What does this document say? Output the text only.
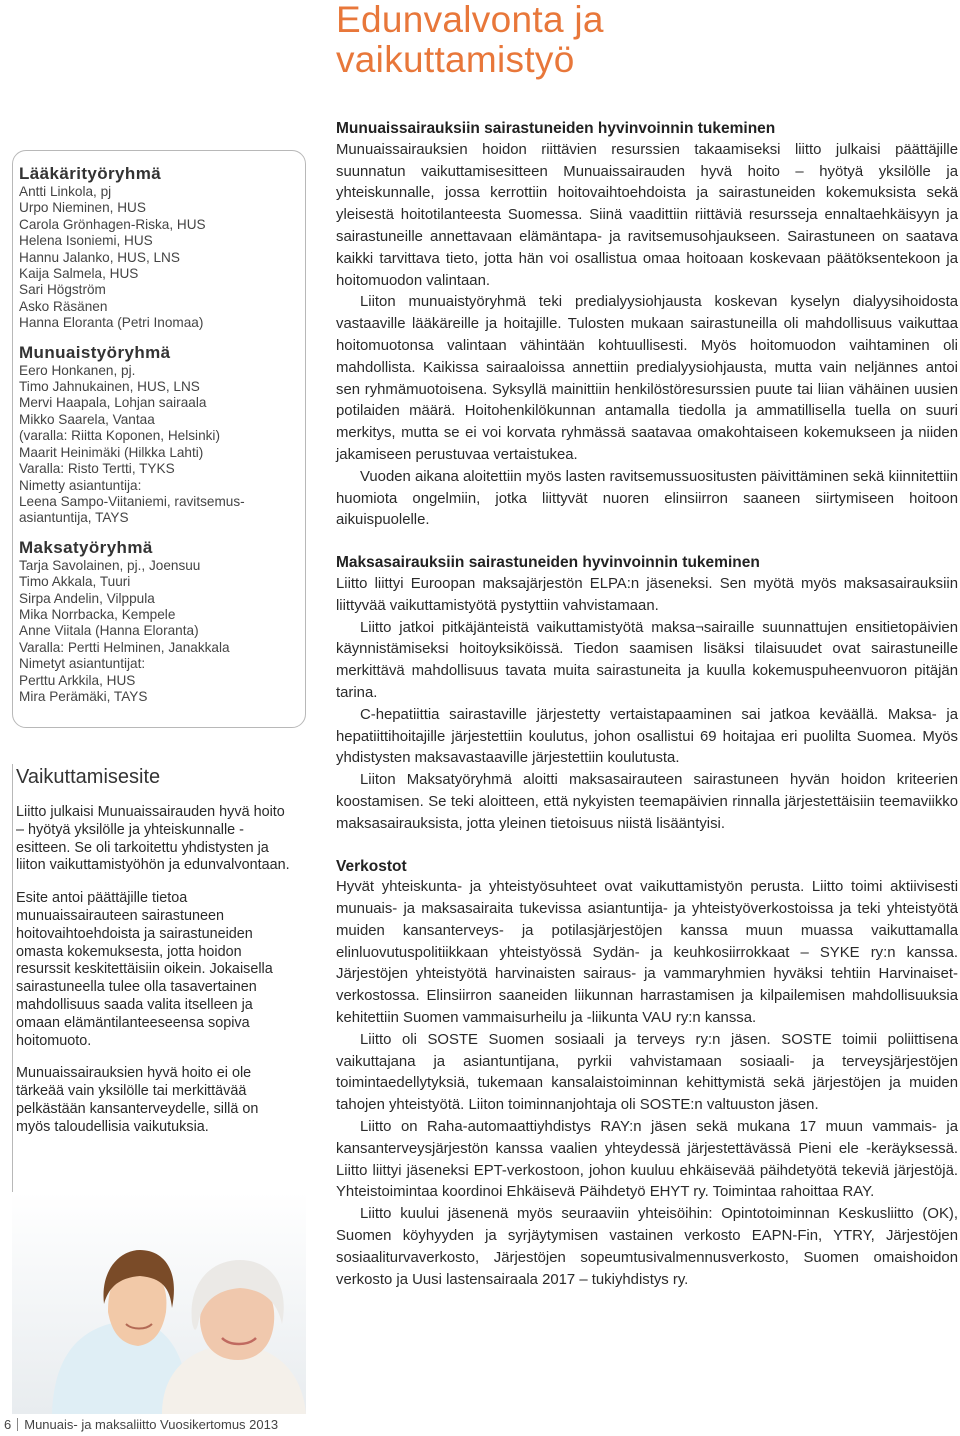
Edunvalvonta ja
vaikuttamistyö
Lääkärityöryhmä
Antti Linkola, pj
Urpo Nieminen, HUS
Carola Grönhagen-Riska, HUS
Helena Isoniemi, HUS
Hannu Jalanko, HUS, LNS
Kaija Salmela, HUS
Sari Högström
Asko Räsänen
Hanna Eloranta (Petri Inomaa)
Munuaistyöryhmä
Eero Honkanen, pj.
Timo Jahnukainen, HUS, LNS
Mervi Haapala, Lohjan sairaala
Mikko Saarela, Vantaa
(varalla: Riitta Koponen, Helsinki)
Maarit Heinimäki (Hilkka Lahti)
Varalla: Risto Tertti, TYKS
Nimetty asiantuntija:
Leena Sampo-Viitaniemi, ravitsemus-
asiantuntija, TAYS
Maksatyöryhmä
Tarja Savolainen, pj., Joensuu
Timo Akkala, Tuuri
Sirpa Andelin, Vilppula
Mika Norrbacka, Kempele
Anne Viitala (Hanna Eloranta)
Varalla: Pertti Helminen, Janakkala
Nimetyt asiantuntijat:
Perttu Arkkila, HUS
Mira Perämäki, TAYS
Vaikuttamisesite

Liitto julkaisi Munuaissairauden hyvä hoito – hyötyä yksilölle ja yhteiskunnalle -esitteen. Se oli tarkoitettu yhdistysten ja liiton vaikuttamistyöhön ja edunvalvontaan.

Esite antoi päättäjille tietoa munuaissairauteen sairastuneen hoitovaihtoehdoista ja sairastuneiden omasta kokemuksesta, jotta hoidon resurssit keskitettäisiin oikein. Jokaisella sairastuneella tulee olla tasavertainen mahdollisuus saada valita itselleen ja omaan elämäntilanteeseensa sopiva hoitomuoto.

Munuaissairauksien hyvä hoito ei ole tärkeää vain yksilölle tai merkittävää pelkästään kansanterveydelle, sillä on myös taloudellisia vaikutuksia.

6 Munuais- ja maksaliitto Vuosikertomus 2013
Munuaissairauksiin sairastuneiden hyvinvoinnin tukeminen

Munuaissairauksien hoidon riittävien resurssien takaamiseksi liitto julkaisi päättäjille suunnatun vaikuttamisesitteen Munuaissairauden hyvä hoito – hyötyä yksilölle ja yhteiskunnalle, jossa kerrottiin hoitovaihtoehdoista ja sairastuneiden kokemuksista sekä yleisestä hoitotilanteesta Suomessa. Siinä vaadittiin riittäviä resursseja ennaltaehkäisyyn ja sairastuneille annettavaan elämäntapa- ja ravitsemusohjaukseen. Sairastuneen on saatava kaikki tarvittava tieto, jotta hän voi osallistua omaa hoitoaan koskevaan päätöksentekoon ja hoitomuodon valintaan.

Liiton munuaistyöryhmä teki predialyysiohjausta koskevan kyselyn dialyysihoidosta vastaaville lääkäreille ja hoitajille. Tulosten mukaan sairastuneilla oli mahdollisuus vaikuttaa hoitomuotonsa valintaan vähintään kohtuullisesti. Myös hoitomuodon vaihtaminen oli mahdollista. Kaikissa sairaaloissa annettiin predialyysiohjausta, mutta vain neljännes antoi sen ryhmämuotoisena. Syksyllä mainittiin henkilöstöresurssien puute tai liian vähäinen uusien potilaiden määrä. Hoitohenkilökunnan antamalla tiedolla ja ammatillisella tuella on suuri merkitys, mutta se ei voi korvata ryhmässä saatavaa omakohtaiseen kokemukseen ja niiden jakamiseen perustuvaa vertaistukea.

Vuoden aikana aloitettiin myös lasten ravitsemussuositusten päivittäminen sekä kiinnitettiin huomiota ongelmiin, jotka liittyvät nuoren elinsiirron saaneen siirtymiseen hoitoon aikuispuolelle.

Maksasairauksiin sairastuneiden hyvinvoinnin tukeminen

Liitto liittyi Euroopan maksajärjestön ELPA:n jäseneksi. Sen myötä myös maksasairauksiin liittyvää vaikuttamistyötä pystyttiin vahvistamaan.

Liitto jatkoi pitkäjänteistä vaikuttamistyötä maksa¬sairaille suunnattujen ensitietopäivien käynnistämiseksi hoitoyksiköissä. Tiedon saamisen lisäksi tilaisuudet ovat sairastuneille merkittävä mahdollisuus tavata muita sairastuneita ja kuulla kokemuspuheenvuoron pitäjän tarina.

C-hepatiittia sairastaville järjestetty vertaistapaaminen sai jatkoa keväällä. Maksa- ja hepatiittihoitajille järjestettiin koulutus, johon osallistui 69 hoitajaa eri puolilta Suomea. Myös yhdistysten maksavastaaville järjestettiin koulutusta.

Liiton Maksatyöryhmä aloitti maksasairauteen sairastuneen hyvän hoidon kriteerien koostamisen. Se teki aloitteen, että nykyisten teemapäivien rinnalla järjestettäisiin teemaviikko maksasairauksista, jotta yleinen tietoisuus niistä lisääntyisi.

Verkostot

Hyvät yhteiskunta- ja yhteistyösuhteet ovat vaikuttamistyön perusta. Liitto toimi aktiivisesti munuais- ja maksasairaita tukevissa asiantuntija- ja yhteistyöverkostoissa ja teki yhteistyötä muiden kansanterveys- ja potilasjärjestöjen kanssa muun muassa vaikuttamalla elinluovutuspolitiikkaan yhteistyössä Sydän- ja keuhkosiirrokkaat – SYKE ry:n kanssa. Järjestöjen yhteistyötä harvinaisten sairaus- ja vammaryhmien hyväksi tehtiin Harvinaiset-verkostossa. Elinsiirron saaneiden liikunnan harrastamisen ja kilpailemisen mahdollisuuksia kehitettiin Suomen vammaisurheilu ja -liikunta VAU ry:n kanssa.

Liitto oli SOSTE Suomen sosiaali ja terveys ry:n jäsen. SOSTE toimii poliittisena vaikuttajana ja asiantuntijana, pyrkii vahvistamaan sosiaali- ja terveysjärjestöjen toimintaedellytyksiä, tukemaan kansalaistoiminnan kehittymistä sekä järjestöjen ja muiden tahojen yhteistyötä. Liiton toiminnanjohtaja oli SOSTE:n valtuuston jäsen.

Liitto on Raha-automaattiyhdistys RAY:n jäsen sekä mukana 17 muun vammais- ja kansanterveysjärjestön kanssa vaalien yhteydessä järjestettävässä Pieni ele -keräyksessä. Liitto liittyi jäseneksi EPT-verkostoon, johon kuuluu ehkäisevää päihdetyötä tekeviä järjestöjä. Yhteistoimintaa koordinoi Ehkäisevä Päihdetyö EHYT ry. Toimintaa rahoittaa RAY.

Liitto kuului jäsenenä myös seuraaviin yhteisöihin: Opintotoiminnan Keskusliitto (OK), Suomen köyhyyden ja syrjäytymisen vastainen verkosto EAPN-Fin, YTRY, Järjestöjen sosiaaliturvaverkosto, Järjestöjen sopeumtusivalmennusverkosto, Suomen omaishoidon verkosto ja Uusi lastensairaala 2017 – tukiyhdistys ry.
